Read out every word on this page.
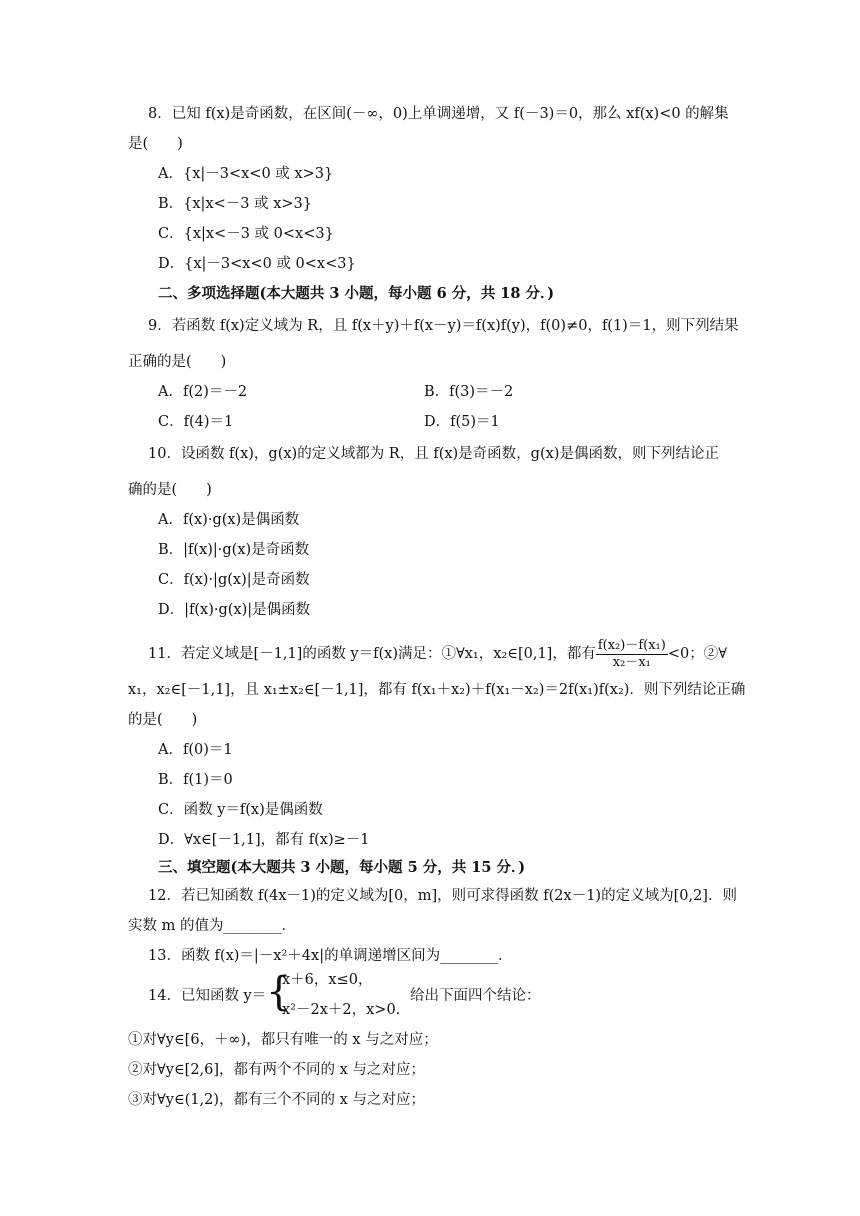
8．已知 f(x)是奇函数，在区间(－∞，0)上单调递增，又 f(－3)＝0，那么 xf(x)<0 的解集
是(　　)
A．{x|－3<x<0 或 x>3}
B．{x|x<－3 或 x>3}
C．{x|x<－3 或 0<x<3}
D．{x|－3<x<0 或 0<x<3}
二、多项选择题(本大题共 3 小题，每小题 6 分，共 18 分．)
9．若函数 f(x)定义域为 R，且 f(x＋y)＋f(x－y)＝f(x)f(y)，f(0)≠0，f(1)＝1，则下列结果
正确的是(　　)
A．f(2)＝－2	B．f(3)＝－2
C．f(4)＝1	D．f(5)＝1
10．设函数 f(x)，g(x)的定义域都为 R，且 f(x)是奇函数，g(x)是偶函数，则下列结论正
确的是(　　)
A．f(x)·g(x)是偶函数
B．|f(x)|·g(x)是奇函数
C．f(x)·|g(x)|是奇函数
D．|f(x)·g(x)|是偶函数
11．若定义域是[－1,1]的函数 y＝f(x)满足：①∀x₁，x₂∈[0,1]，都有 $\frac{\text{f(x₂)－f(x₁)}}{\text{x₂－x₁}} <0$；②∀
x₁，x₂∈[－1,1]，且 x₁±x₂∈[－1,1]，都有 f(x₁＋x₂)＋f(x₁－x₂)＝2f(x₁)f(x₂)．则下列结论正确
的是(　　)
A．f(0)＝1
B．f(1)＝0
C．函数 y＝f(x)是偶函数
D．∀x∈[－1,1]，都有 f(x)≥－1
三、填空题(本大题共 3 小题，每小题 5 分，共 15 分．)
12．若已知函数 f(4x－1)的定义域为[0，m]，则可求得函数 f(2x－1)的定义域为[0,2]．则
实数 m 的值为________．
13．函数 f(x)＝|－x²＋4x|的单调递增区间为________．
14．已知函数 y＝ {
x＋6，x≤0，
x²－2x＋2，x>0.
给出下面四个结论：
①对∀y∈[6，＋∞)，都只有唯一的 x 与之对应；
②对∀y∈[2,6]，都有两个不同的 x 与之对应；
③对∀y∈(1,2)，都有三个不同的 x 与之对应；
